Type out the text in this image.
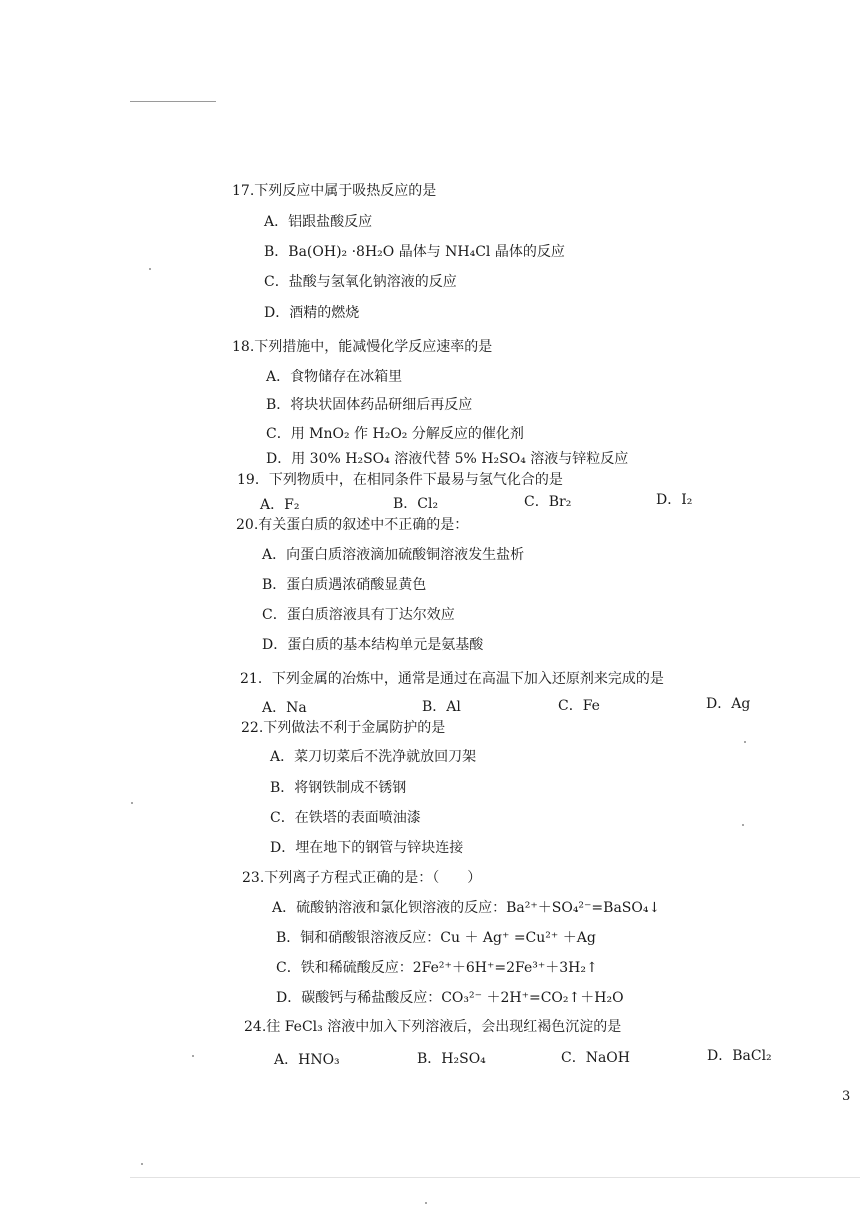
17.下列反应中属于吸热反应的是
A．铝跟盐酸反应
B．Ba(OH)₂ ·8H₂O 晶体与 NH₄Cl 晶体的反应
C．盐酸与氢氧化钠溶液的反应
D．酒精的燃烧
18.下列措施中，能减慢化学反应速率的是
A．食物储存在冰箱里
B．将块状固体药品研细后再反应
C．用 MnO₂ 作 H₂O₂ 分解反应的催化剂
D．用 30% H₂SO₄ 溶液代替 5% H₂SO₄ 溶液与锌粒反应
19．下列物质中，在相同条件下最易与氢气化合的是
A．F₂	B．Cl₂	C．Br₂	D．I₂
20.有关蛋白质的叙述中不正确的是：
A．向蛋白质溶液滴加硫酸铜溶液发生盐析
B．蛋白质遇浓硝酸显黄色
C．蛋白质溶液具有丁达尔效应
D．蛋白质的基本结构单元是氨基酸
21．下列金属的冶炼中，通常是通过在高温下加入还原剂来完成的是
A．Na	B．Al	C．Fe	D．Ag
22.下列做法不利于金属防护的是
A．菜刀切菜后不洗净就放回刀架
B．将钢铁制成不锈钢
C．在铁塔的表面喷油漆
D．埋在地下的钢管与锌块连接
23.下列离子方程式正确的是：（　　）
A．硫酸钠溶液和氯化钡溶液的反应：Ba²⁺＋SO₄²⁻=BaSO₄↓
B．铜和硝酸银溶液反应：Cu ＋ Ag⁺ =Cu²⁺ ＋Ag
C．铁和稀硫酸反应：2Fe²⁺＋6H⁺=2Fe³⁺＋3H₂↑
D．碳酸钙与稀盐酸反应：CO₃²⁻ ＋2H⁺=CO₂↑＋H₂O
24.往 FeCl₃ 溶液中加入下列溶液后，会出现红褐色沉淀的是
A．HNO₃	B．H₂SO₄	C．NaOH	D．BaCl₂
3
